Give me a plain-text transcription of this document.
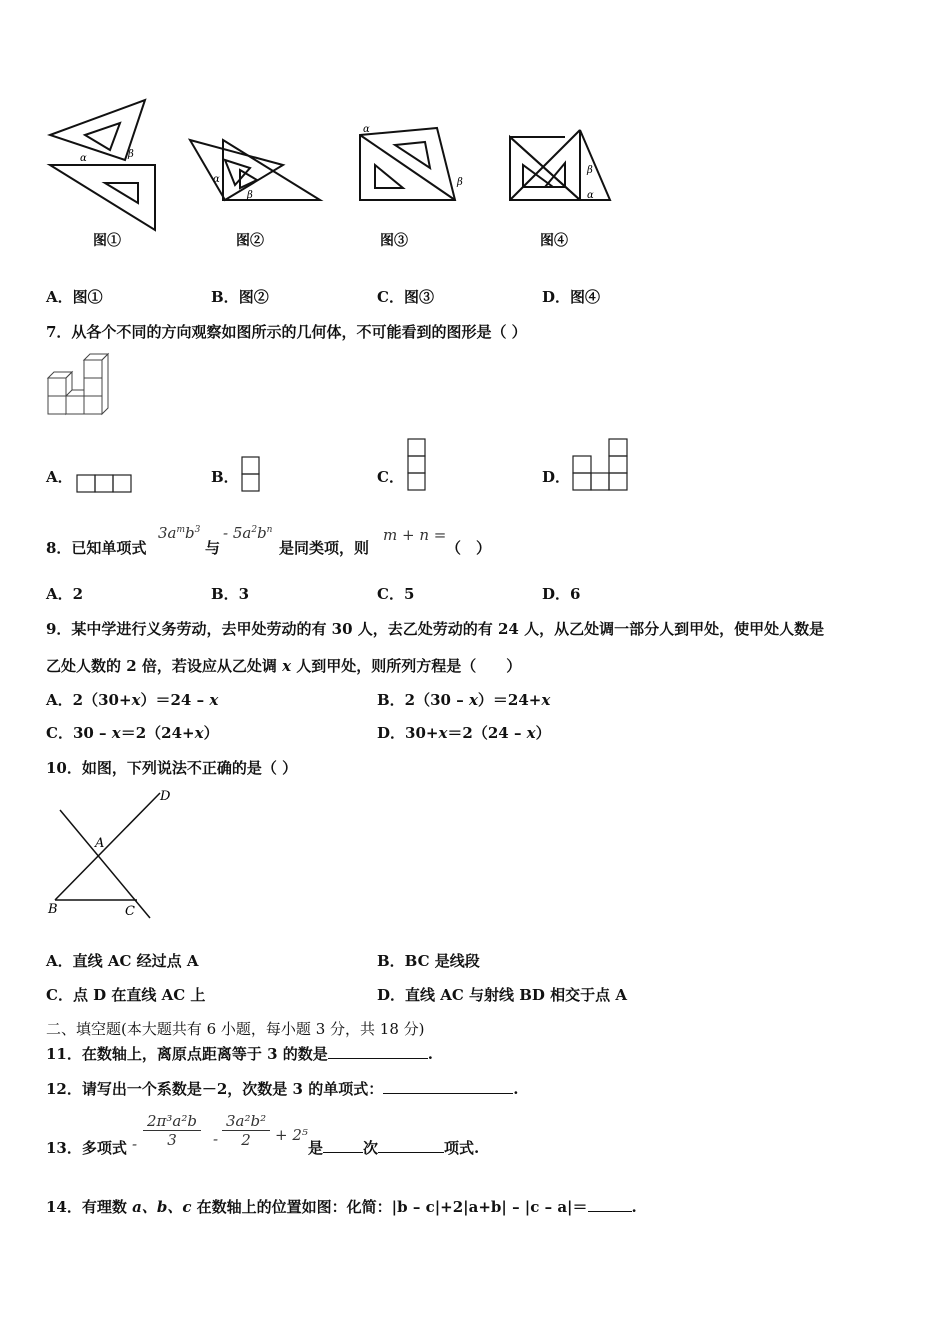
α	β
图①
α
β
图②
α
β
图③
β
α
图④
A．图①	B．图②	C．图③	D．图④
7．从各个不同的方向观察如图所示的几何体，不可能看到的图形是（ ）
A．	B．	C．	D．
8．已知单项式
$3a^mb^3$
与
- $5a^2b^n$
是同类项，则
m + n =
（　）
A．2	B．3	C．5	D．6
9．某中学进行义务劳动，去甲处劳动的有 30 人，去乙处劳动的有 24 人，从乙处调一部分人到甲处，使甲处人数是
乙处人数的 2 倍，若设应从乙处调 x 人到甲处，则所列方程是（　　）
A．2（30+x）＝24 – x	B．2（30 – x）＝24+x
C．30 – x＝2（24+x）	D．30+x＝2（24 – x）
10．如图，下列说法不正确的是（ ）
D
A
B	C
A．直线 AC 经过点 A	B．BC 是线段
C．点 D 在直线 AC 上	D．直线 AC 与射线 BD 相交于点 A
二、填空题(本大题共有 6 小题，每小题 3 分，共 18 分)
11．在数轴上，离原点距离等于 3 的数是	.
12．请写出一个系数是－2，次数是 3 的单项式：	.
13．多项式 - $\frac{\text{2π³a²b}}{3} - \frac{\text{3a²b²}}{2} + 2^5$
是	次	项式.
14．有理数 a、b、c 在数轴上的位置如图：化简：|b – c|+2|a+b| – |c – a|＝	.
